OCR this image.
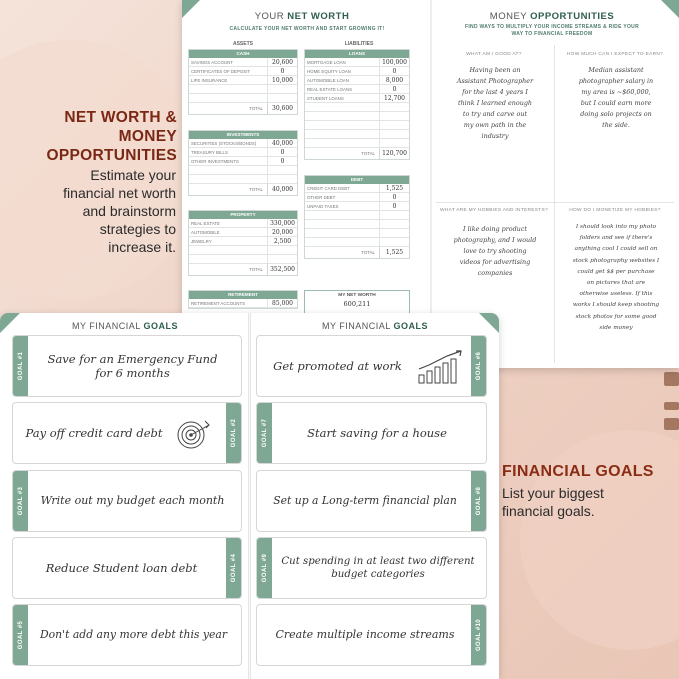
NET WORTH &
MONEY
OPPORTUNITIES
Estimate your
financial net worth
and brainstorm
strategies to
increase it.
YOUR NET WORTH
CALCULATE YOUR NET WORTH AND START GROWING IT!
ASSETS	LIABILITIES
CASH
SAVINGS ACCOUNT	20,600
CERTIFICATES OF DEPOSIT	0
LIFE INSURANCE	10,000
TOTAL	30,600
INVESTMENTS
SECURITIES (STOCKS/BONDS)	40,000
TREASURY BILLS	0
OTHER INVESTMENTS	0
TOTAL	40,000
PROPERTY
REAL ESTATE	330,000
AUTOMOBILE	20,000
JEWELRY	2,500
TOTAL	352,500
RETIREMENT
RETIREMENT ACCOUNTS	85,000
LOANS
MORTGAGE LOAN	100,000
HOME EQUITY LOAN	0
AUTOMOBILE LOAN	8,000
REAL ESTATE LOANS	0
STUDENT LOANS	12,700
TOTAL	120,700
DEBT
CREDIT CARD DEBT	1,525
OTHER DEBT	0
UNPAID TAXES	0
TOTAL	1,525
MY NET WORTH
600,211
MONEY OPPORTUNITIES
FIND WAYS TO MULTIPLY YOUR INCOME STREAMS & RIDE YOUR
WAY TO FINANCIAL FREEDOM
WHAT AM I GOOD AT?	HOW MUCH CAN I EXPECT TO EARN?
WHAT ARE MY HOBBIES AND INTERESTS?	HOW DO I MONETIZE MY HOBBIES?
Having been an
Assistant Photographer
for the last 4 years I
think I learned enough
to try and carve out
my own path in the
industry
Median assistant
photographer salary in
my area is ~$60,000,
but I could earn more
doing solo projects on
the side.
I like doing product
photography, and I would
love to try shooting
videos for advertising
companies
I should look into my photo
folders and see if there's
anything cool I could sell on
stock photography websites I
could get $$ per purchase
on pictures that are
otherwise useless. If this
works I should keep shooting
stock photos for some good
side money
FINANCIAL GOALS
List your biggest
financial goals.
MY FINANCIAL GOALS	MY FINANCIAL GOALS
GOAL #1 Save for an Emergency Fund
for 6 months
GOAL #2
Pay off credit card debt
GOAL #3 Write out my budget each month
GOAL #4
Reduce Student loan debt
GOAL #5 Don't add any more debt this year
GOAL #6
Get promoted at work
GOAL #7	Start saving for a house
GOAL #8
Set up a Long-term financial plan
GOAL #9 Cut spending in at least two different
budget categories
GOAL #10
Create multiple income streams
